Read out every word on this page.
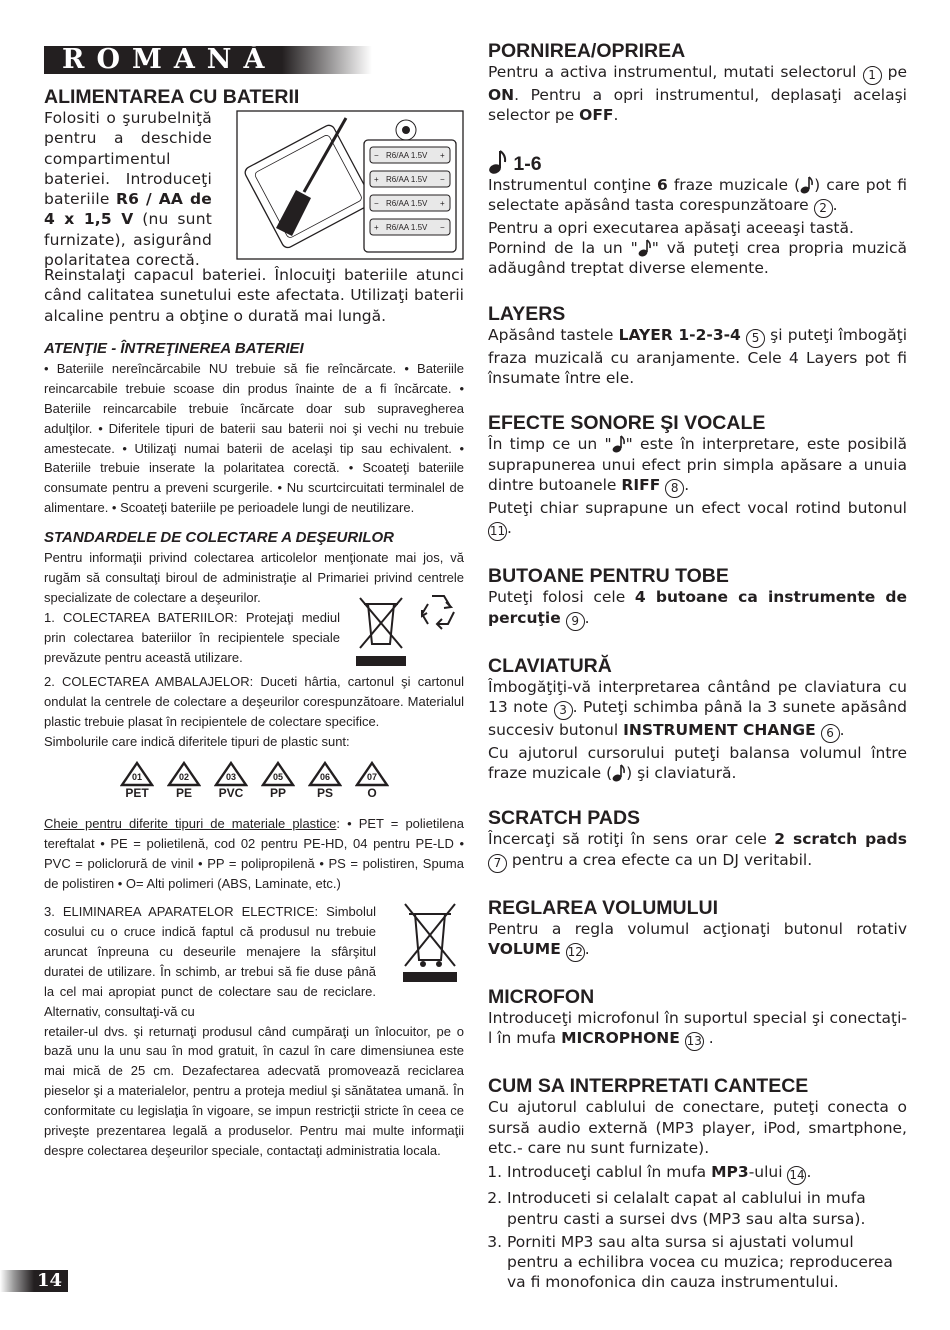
ROMÂNĂ
ALIMENTAREA CU BATERII

Folositi o şurubelniţă pentru a deschide compartimentul bateriei. Introduceţi bateriile R6 / AA de 4 x 1,5 V (nu sunt furnizate), asigurând polaritatea corectă.

− R6/AA 1.5V +
+ R6/AA 1.5V −
− R6/AA 1.5V +
+ R6/AA 1.5V −

Reinstalaţi capacul bateriei. Înlocuiţi bateriile atunci când calitatea sunetului este afectata. Utilizaţi baterii alcaline pentru a obţine o durată mai lungă.

ATENŢIE - ÎNTREŢINEREA BATERIEI

• Bateriile nereîncărcabile NU trebuie să fie reîncărcate. • Bateriile reincarcabile trebuie scoase din produs înainte de a fi încărcate. • Bateriile reincarcabile trebuie încărcate doar sub supravegherea adulţilor. • Diferitele tipuri de baterii sau baterii noi şi vechi nu trebuie amestecate. • Utilizaţi numai baterii de acelaşi tip sau echivalent. • Bateriile trebuie inserate la polaritatea corectă. • Scoateţi bateriile consumate pentru a preveni scurgerile. • Nu scurtcircuitati terminalel de alimentare. • Scoateţi bateriile pe perioadele lungi de neutilizare.

STANDARDELE DE COLECTARE A DEŞEURILOR

Pentru informaţii privind colectarea articolelor menţionate mai jos, vă rugăm să consultaţi biroul de administraţie al Primariei privind centrele specializate de colectare a deşeurilor.

1. COLECTAREA BATERIILOR: Protejaţi mediul prin colectarea bateriilor în recipientele speciale prevăzute pentru această utilizare.

2. COLECTAREA AMBALAJELOR: Duceti hârtia, cartonul şi cartonul ondulat la centrele de colectare a deşeurilor corespunzătoare. Materialul plastic trebuie plasat în recipientele de colectare specifice.

Simbolurile care indică diferitele tipuri de plastic sunt:

01
PET
02
PE
03
PVC
05
PP
06
PS
07
O

Cheie pentru diferite tipuri de materiale plastice: • PET = polietilena tereftalat • PE = polietilenă, cod 02 pentru PE-HD, 04 pentru PE-LD • PVC = policlorură de vinil • PP = polipropilenă • PS = polistiren, Spuma de polistiren • O= Alti polimeri (ABS, Laminate, etc.)

3. ELIMINAREA APARATELOR ELECTRICE: Simbolul cosului cu o cruce indică faptul că produsul nu trebuie aruncat înpreuna cu deseurile menajere la sfârşitul duratei de utilizare. În schimb, ar trebui să fie duse până la cel mai apropiat punct de colectare sau de reciclare. Alternativ, consultaţi-vă cu

retailer-ul dvs. şi returnaţi produsul când cumpăraţi un înlocuitor, pe o bază unu la unu sau în mod gratuit, în cazul în care dimensiunea este mai mică de 25 cm. Dezafectarea adecvată promovează reciclarea pieselor şi a materialelor, pentru a proteja mediul şi sănătatea umană. În conformitate cu legislaţia în vigoare, se impun restricţii stricte în ceea ce priveşte prezentarea legală a produselor. Pentru mai multe informaţii despre colectarea deşeurilor speciale, contactaţi administratia locala.

PORNIREA/OPRIREA

Pentru a activa instrumentul, mutati selectorul 1 pe ON. Pentru a opri instrumentul, deplasaţi acelaşi selector pe OFF.

1-6

Instrumentul conţine 6 fraze muzicale ( ) care pot fi selectate apăsând tasta corespunzătoare 2 .

Pentru a opri executarea apăsaţi aceeaşi tastă.

Pornind de la un " " vă puteţi crea propria muzică adăugând treptat diverse elemente.

LAYERS

Apăsând tastele LAYER 1-2-3-4 5 şi puteţi îmbogăţi fraza muzicală cu aranjamente. Cele 4 Layers pot fi însumate între ele.

EFECTE SONORE ŞI VOCALE

În timp ce un " " este în interpretare, este posibilă suprapunerea unui efect prin simpla apăsare a unuia dintre butoanele RIFF 8 .

Puteţi chiar suprapune un efect vocal rotind butonul 11 .

BUTOANE PENTRU TOBE

Puteţi folosi cele 4 butoane ca instrumente de percuţie 9 .

CLAVIATURĂ

Îmbogăţiţi-vă interpretarea cântând pe claviatura cu 13 note 3 . Puteţi schimba până la 3 sunete apăsând succesiv butonul INSTRUMENT CHANGE 6 .

Cu ajutorul cursorului puteţi balansa volumul între fraze muzicale ( ) şi claviatură.

SCRATCH PADS

Încercaţi să rotiţi în sens orar cele 2 scratch pads 7 pentru a crea efecte ca un DJ veritabil.

REGLAREA VOLUMULUI

Pentru a regla volumul acţionaţi butonul rotativ VOLUME 12 .

MICROFON

Introduceţi microfonul în suportul special şi conectaţi-l în mufa MICROPHONE 13 .

CUM SA INTERPRETATI CANTECE

Cu ajutorul cablului de conectare, puteţi conecta o sursă audio externă (MP3 player, iPod, smartphone, etc.- care nu sunt furnizate).

1. Introduceţi cablul în mufa MP3-ului 14 .
2. Introduceti si celalalt capat al cablului in mufa pentru casti a sursei dvs (MP3 sau alta sursa).
3. Porniti MP3 sau alta sursa si ajustati volumul pentru a echilibra vocea cu muzica; reproducerea va fi monofonica din cauza instrumentului.
14
